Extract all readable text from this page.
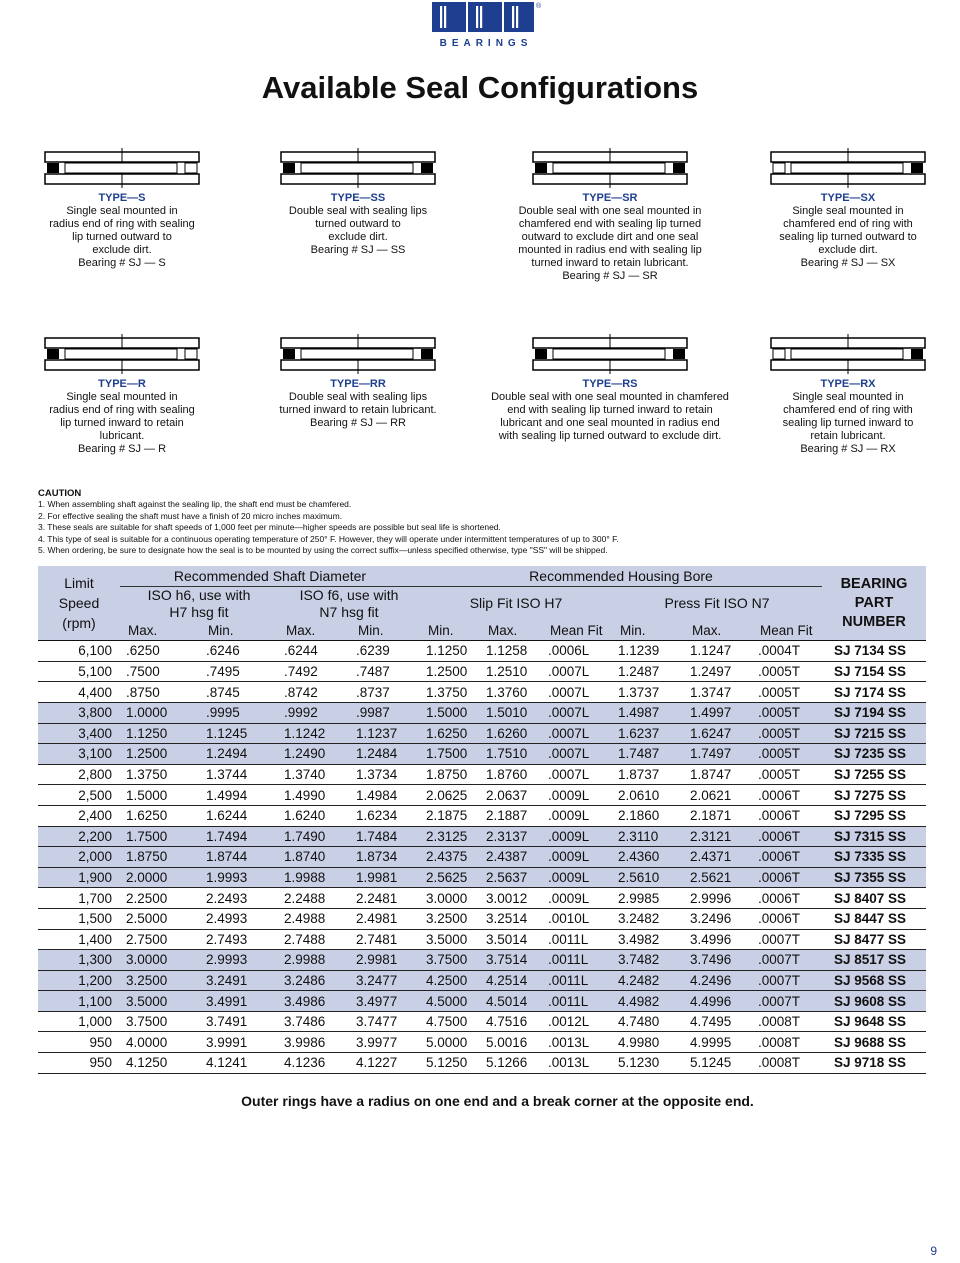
BEARINGS
®
Available Seal Configurations
TYPE—S
Single seal mounted in
radius end of ring with sealing
lip turned outward to
exclude dirt.
Bearing # SJ — S
TYPE—SS
Double seal with sealing lips
turned outward to
exclude dirt.
Bearing # SJ — SS
TYPE—SR
Double seal with one seal mounted in
chamfered end with sealing lip turned
outward to exclude dirt and one seal
mounted in radius end with sealing lip
turned inward to retain lubricant.
Bearing # SJ — SR
TYPE—SX
Single seal mounted in
chamfered end of ring with
sealing lip turned outward to
exclude dirt.
Bearing # SJ — SX
TYPE—R
Single seal mounted in
radius end of ring with sealing
lip turned inward to retain
lubricant.
Bearing # SJ — R
TYPE—RR
Double seal with sealing lips
turned inward to retain lubricant.
Bearing # SJ — RR
TYPE—RS
Double seal with one seal mounted in chamfered
end with sealing lip turned inward to retain
lubricant and one seal mounted in radius end
with sealing lip turned outward to exclude dirt.
TYPE—RX
Single seal mounted in
chamfered end of ring with
sealing lip turned inward to
retain lubricant.
Bearing # SJ — RX
CAUTION
1. When assembling shaft against the sealing lip, the shaft end must be chamfered.
2. For effective sealing the shaft must have a finish of 20 micro inches maximum.
3. These seals are suitable for shaft speeds of 1,000 feet per minute—higher speeds are possible but seal life is shortened.
4. This type of seal is suitable for a continuous operating temperature of 250° F. However, they will operate under intermittent temperatures of up to 300° F.
5. When ordering, be sure to designate how the seal is to be mounted by using the correct suffix—unless specified otherwise, type "SS" will be shipped.
Limit
Speed
(rpm)	Recommended Shaft Diameter				Recommended Housing Bore						BEARING
PART
NUMBER
	ISO h6, use with
H7 hsg fit		ISO f6, use with
N7 hsg fit		Slip Fit ISO H7			Press Fit ISO N7			
	Max.	Min.	Max.	Min.	Min.	Max.	Mean Fit	Min.	Max.	Mean Fit	
6,100	.6250	.6246	.6244	.6239	1.1250	1.1258	.0006L	1.1239	1.1247	.0004T	SJ 7134 SS
5,100	.7500	.7495	.7492	.7487	1.2500	1.2510	.0007L	1.2487	1.2497	.0005T	SJ 7154 SS
4,400	.8750	.8745	.8742	.8737	1.3750	1.3760	.0007L	1.3737	1.3747	.0005T	SJ 7174 SS
3,800	1.0000	.9995	.9992	.9987	1.5000	1.5010	.0007L	1.4987	1.4997	.0005T	SJ 7194 SS
3,400	1.1250	1.1245	1.1242	1.1237	1.6250	1.6260	.0007L	1.6237	1.6247	.0005T	SJ 7215 SS
3,100	1.2500	1.2494	1.2490	1.2484	1.7500	1.7510	.0007L	1.7487	1.7497	.0005T	SJ 7235 SS
2,800	1.3750	1.3744	1.3740	1.3734	1.8750	1.8760	.0007L	1.8737	1.8747	.0005T	SJ 7255 SS
2,500	1.5000	1.4994	1.4990	1.4984	2.0625	2.0637	.0009L	2.0610	2.0621	.0006T	SJ 7275 SS
2,400	1.6250	1.6244	1.6240	1.6234	2.1875	2.1887	.0009L	2.1860	2.1871	.0006T	SJ 7295 SS
2,200	1.7500	1.7494	1.7490	1.7484	2.3125	2.3137	.0009L	2.3110	2.3121	.0006T	SJ 7315 SS
2,000	1.8750	1.8744	1.8740	1.8734	2.4375	2.4387	.0009L	2.4360	2.4371	.0006T	SJ 7335 SS
1,900	2.0000	1.9993	1.9988	1.9981	2.5625	2.5637	.0009L	2.5610	2.5621	.0006T	SJ 7355 SS
1,700	2.2500	2.2493	2.2488	2.2481	3.0000	3.0012	.0009L	2.9985	2.9996	.0006T	SJ 8407 SS
1,500	2.5000	2.4993	2.4988	2.4981	3.2500	3.2514	.0010L	3.2482	3.2496	.0006T	SJ 8447 SS
1,400	2.7500	2.7493	2.7488	2.7481	3.5000	3.5014	.0011L	3.4982	3.4996	.0007T	SJ 8477 SS
1,300	3.0000	2.9993	2.9988	2.9981	3.7500	3.7514	.0011L	3.7482	3.7496	.0007T	SJ 8517 SS
1,200	3.2500	3.2491	3.2486	3.2477	4.2500	4.2514	.0011L	4.2482	4.2496	.0007T	SJ 9568 SS
1,100	3.5000	3.4991	3.4986	3.4977	4.5000	4.5014	.0011L	4.4982	4.4996	.0007T	SJ 9608 SS
1,000	3.7500	3.7491	3.7486	3.7477	4.7500	4.7516	.0012L	4.7480	4.7495	.0008T	SJ 9648 SS
950	4.0000	3.9991	3.9986	3.9977	5.0000	5.0016	.0013L	4.9980	4.9995	.0008T	SJ 9688 SS
950	4.1250	4.1241	4.1236	4.1227	5.1250	5.1266	.0013L	5.1230	5.1245	.0008T	SJ 9718 SS
Outer rings have a radius on one end and a break corner at the opposite end.
9
